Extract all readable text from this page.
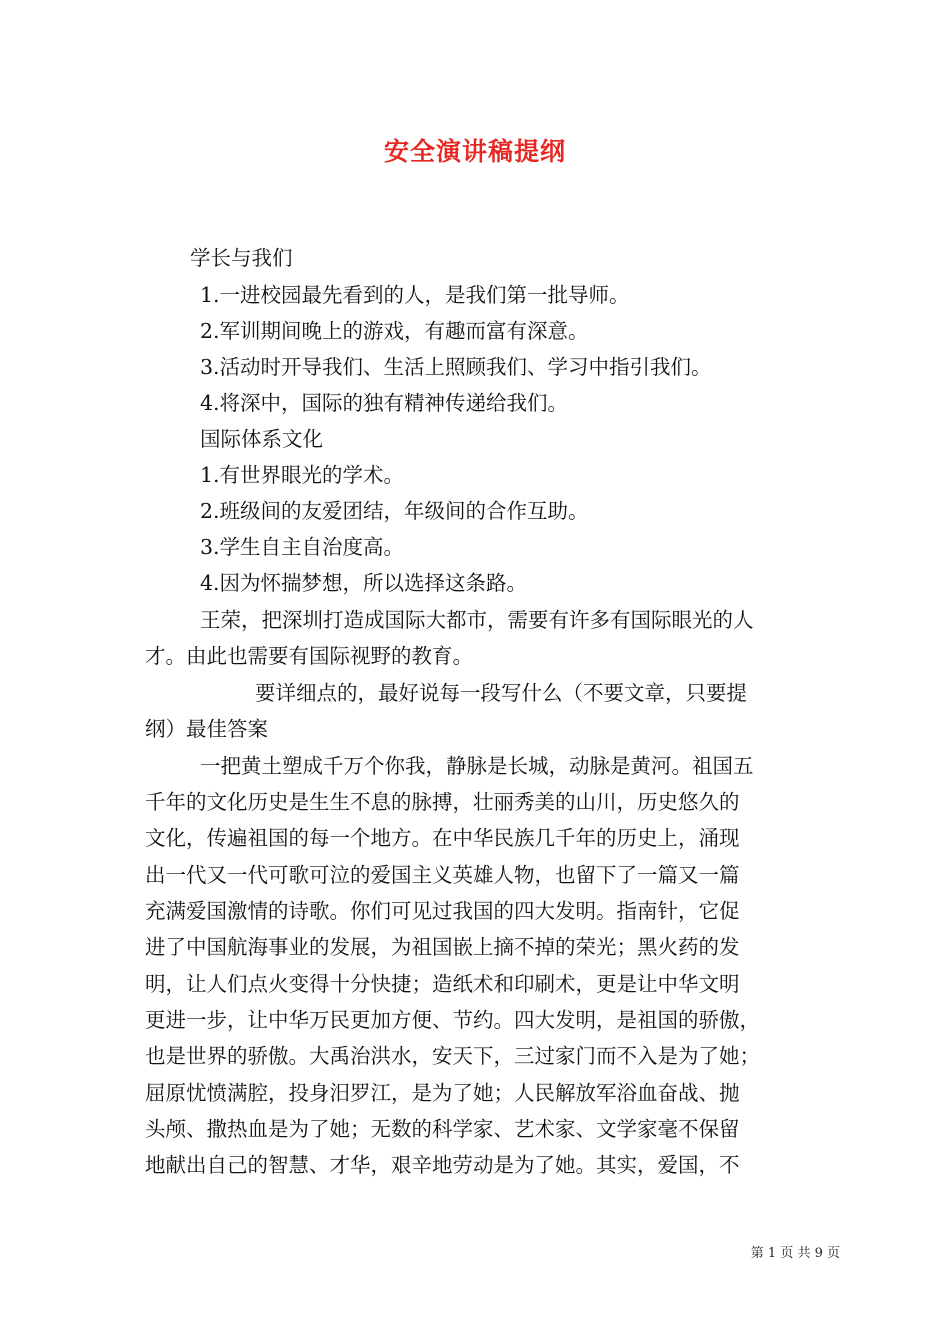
安全演讲稿提纲
学长与我们
1.一进校园最先看到的人，是我们第一批导师。
2.军训期间晚上的游戏，有趣而富有深意。
3.活动时开导我们、生活上照顾我们、学习中指引我们。
4.将深中，国际的独有精神传递给我们。
国际体系文化
1.有世界眼光的学术。
2.班级间的友爱团结，年级间的合作互助。
3.学生自主自治度高。
4.因为怀揣梦想，所以选择这条路。
王荣，把深圳打造成国际大都市，需要有许多有国际眼光的人
才。由此也需要有国际视野的教育。
要详细点的，最好说每一段写什么（不要文章，只要提
纲）最佳答案
一把黄土塑成千万个你我，静脉是长城，动脉是黄河。祖国五
千年的文化历史是生生不息的脉搏，壮丽秀美的山川，历史悠久的
文化，传遍祖国的每一个地方。在中华民族几千年的历史上，涌现
出一代又一代可歌可泣的爱国主义英雄人物，也留下了一篇又一篇
充满爱国激情的诗歌。你们可见过我国的四大发明。指南针，它促
进了中国航海事业的发展，为祖国嵌上摘不掉的荣光；黑火药的发
明，让人们点火变得十分快捷；造纸术和印刷术，更是让中华文明
更进一步，让中华万民更加方便、节约。四大发明，是祖国的骄傲，
也是世界的骄傲。大禹治洪水，安天下，三过家门而不入是为了她；
屈原忧愤满腔，投身汨罗江，是为了她；人民解放军浴血奋战、抛
头颅、撒热血是为了她；无数的科学家、艺术家、文学家毫不保留
地献出自己的智慧、才华，艰辛地劳动是为了她。其实，爱国，不
第 1 页 共 9 页
